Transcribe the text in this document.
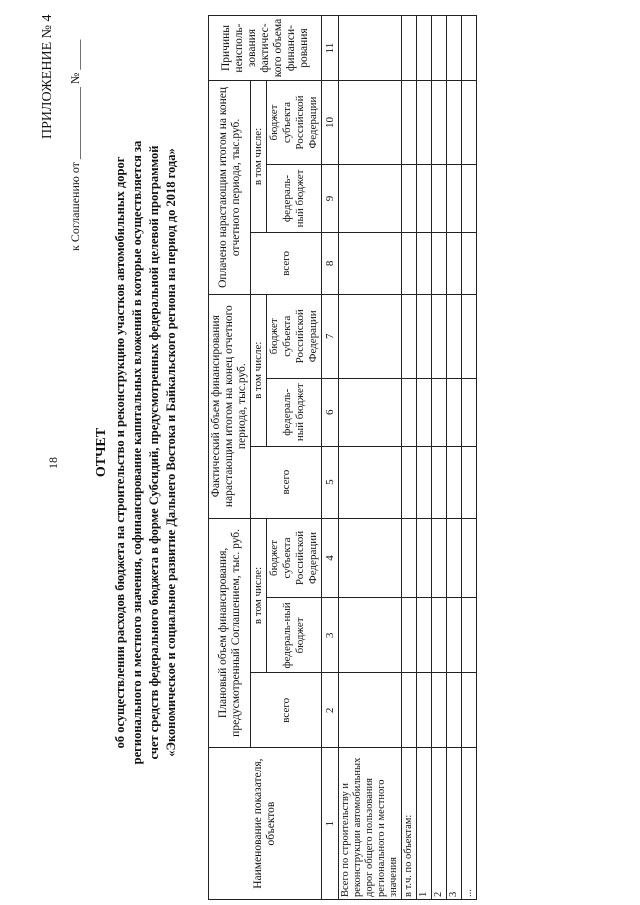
18
ПРИЛОЖЕНИЕ № 4 к Соглашению от ____________ № _____
ОТЧЕТ об осуществлении расходов бюджета на строительство и реконструкцию участков автомобильных дорог регионального и местного значения, софинансирование капитальных вложений в которые осуществляется за счет средств федерального бюджета в форме Субсидий, предусмотренных федеральной целевой программой «Экономическое и социальное развитие Дальнего Востока и Байкальского региона на период до 2018 года»
Наименование показателя, объектов	Плановый объем финансирования, предусмотренный Соглашением, тыс. руб.			Фактический объем финансирования нарастающим итогом на конец отчетного периода, тыс.руб.			Оплачено нарастающим итогом на конец отчетного периода, тыс.руб.			Причины неисполь-зования фактичес-кого объема финанси-рования
	всего	в том числе:		всего	в том числе:		всего	в том числе:		
		федераль-ный бюджет	бюджет субъекта Российской Федерации		федераль-ный бюджет	бюджет субъекта Российской Федерации		федераль-ный бюджет	бюджет субъекта Российской Федерации	
1	2	3	4	5	6	7	8	9	10	11
Всего по строительству и реконструкции автомобильных дорог общего пользования регионального и местного значения										
в т.ч. по объектам:										
1										
2										
3										
...										
